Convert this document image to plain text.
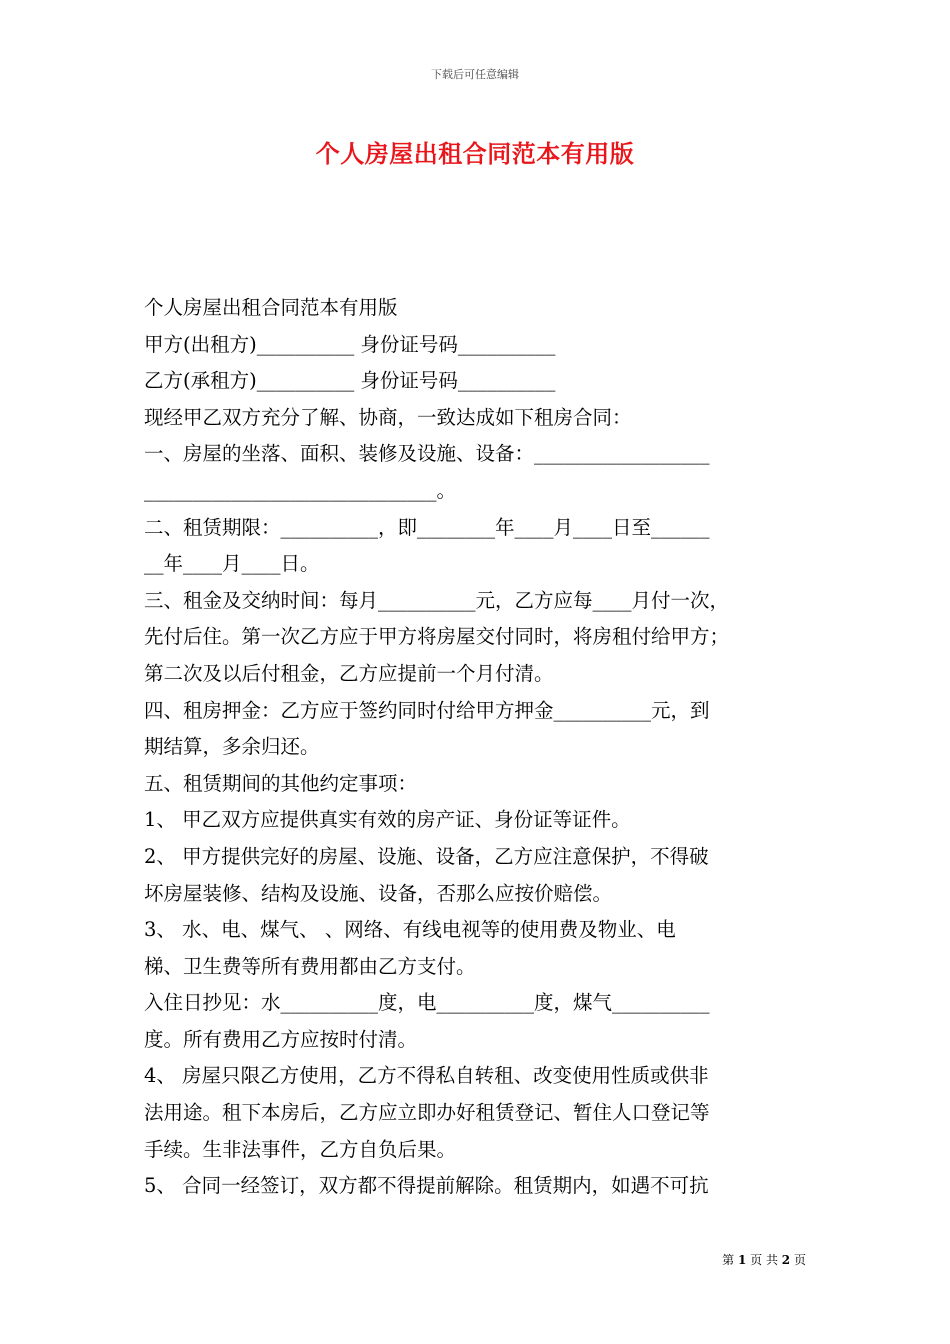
下载后可任意编辑
个人房屋出租合同范本有用版
个人房屋出租合同范本有用版
甲方(出租方)__________ 身份证号码__________
乙方(承租方)__________ 身份证号码__________
现经甲乙双方充分了解、协商，一致达成如下租房合同：
一、房屋的坐落、面积、装修及设施、设备：__________________
______________________________。
二、租赁期限：__________，即________年____月____日至______
__年____月____日。
三、租金及交纳时间：每月__________元，乙方应每____月付一次，
先付后住。第一次乙方应于甲方将房屋交付同时，将房租付给甲方；
第二次及以后付租金，乙方应提前一个月付清。
四、租房押金：乙方应于签约同时付给甲方押金__________元，到
期结算，多余归还。
五、租赁期间的其他约定事项：
1、 甲乙双方应提供真实有效的房产证、身份证等证件。
2、 甲方提供完好的房屋、设施、设备，乙方应注意保护，不得破
坏房屋装修、结构及设施、设备，否那么应按价赔偿。
3、 水、电、煤气、 、网络、有线电视等的使用费及物业、电
梯、卫生费等所有费用都由乙方支付。
入住日抄见：水__________度，电__________度，煤气__________
度。所有费用乙方应按时付清。
4、 房屋只限乙方使用，乙方不得私自转租、改变使用性质或供非
法用途。租下本房后，乙方应立即办好租赁登记、暂住人口登记等
手续。生非法事件，乙方自负后果。
5、 合同一经签订，双方都不得提前解除。租赁期内，如遇不可抗
第 1 页 共 2 页
